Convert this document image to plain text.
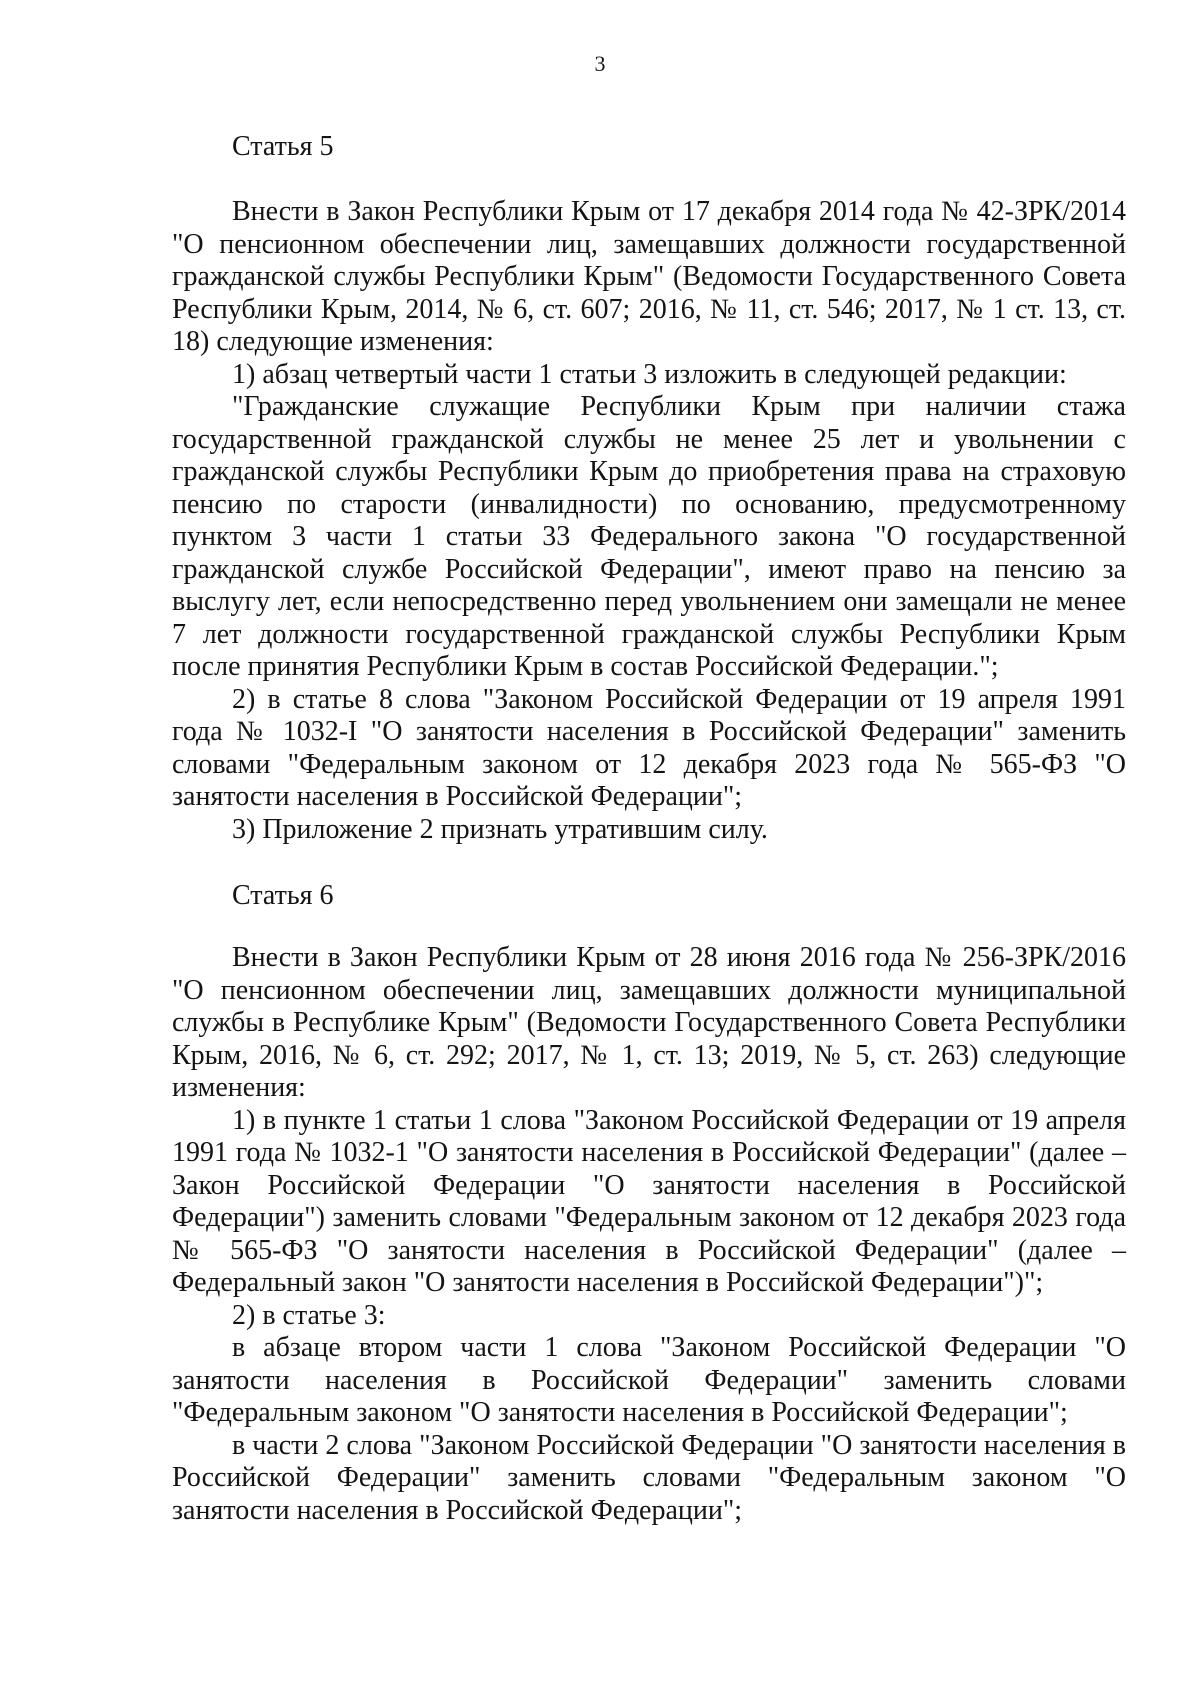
3
Статья 5

Внести в Закон Республики Крым от 17 декабря 2014 года № 42-ЗРК/2014 "О пенсионном обеспечении лиц, замещавших должности государственной гражданской службы Республики Крым" (Ведомости Государственного Совета Республики Крым, 2014, № 6, ст. 607; 2016, № 11, ст. 546; 2017, № 1 ст. 13, ст. 18) следующие изменения:

1) абзац четвертый части 1 статьи 3 изложить в следующей редакции:

"Гражданские служащие Республики Крым при наличии стажа государственной гражданской службы не менее 25 лет и увольнении с гражданской службы Республики Крым до приобретения права на страховую пенсию по старости (инвалидности) по основанию, предусмотренному пунктом 3 части 1 статьи 33 Федерального закона "О государственной гражданской службе Российской Федерации", имеют право на пенсию за выслугу лет, если непосредственно перед увольнением они замещали не менее 7 лет должности государственной гражданской службы Республики Крым после принятия Республики Крым в состав Российской Федерации.";

2) в статье 8 слова "Законом Российской Федерации от 19 апреля 1991 года № 1032-I "О занятости населения в Российской Федерации" заменить словами "Федеральным законом от 12 декабря 2023 года № 565-ФЗ "О занятости населения в Российской Федерации";

3) Приложение 2 признать утратившим силу.

Статья 6

Внести в Закон Республики Крым от 28 июня 2016 года № 256-ЗРК/2016 "О пенсионном обеспечении лиц, замещавших должности муниципальной службы в Республике Крым" (Ведомости Государственного Совета Республики Крым, 2016, № 6, ст. 292; 2017, № 1, ст. 13; 2019, № 5, ст. 263) следующие изменения:

1) в пункте 1 статьи 1 слова "Законом Российской Федерации от 19 апреля 1991 года № 1032-1 "О занятости населения в Российской Федерации" (далее – Закон Российской Федерации "О занятости населения в Российской Федерации") заменить словами "Федеральным законом от 12 декабря 2023 года № 565-ФЗ "О занятости населения в Российской Федерации" (далее – Федеральный закон "О занятости населения в Российской Федерации")";

2) в статье 3:

в абзаце втором части 1 слова "Законом Российской Федерации "О занятости населения в Российской Федерации" заменить словами "Федеральным законом "О занятости населения в Российской Федерации";

в части 2 слова "Законом Российской Федерации "О занятости населения в Российской Федерации" заменить словами "Федеральным законом "О занятости населения в Российской Федерации";
